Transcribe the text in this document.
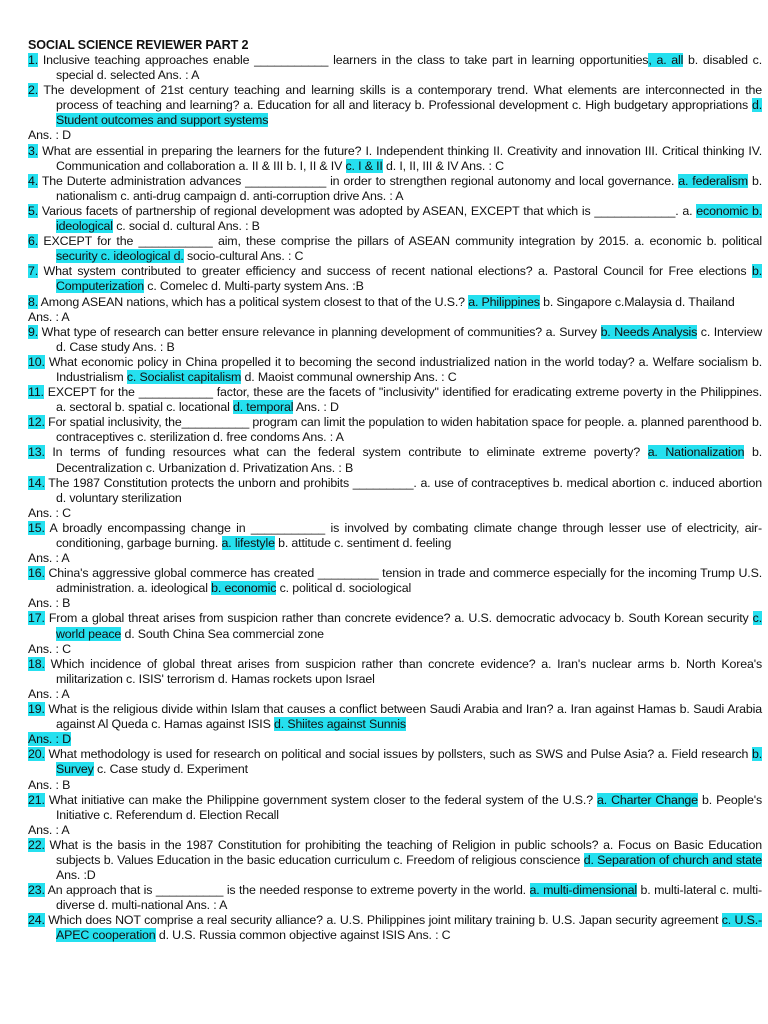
SOCIAL SCIENCE REVIEWER PART 2
1. Inclusive teaching approaches enable ___________ learners in the class to take part in learning opportunities, a. all b. disabled c. special d. selected Ans. : A
2. The development of 21st century teaching and learning skills is a contemporary trend. What elements are interconnected in the process of teaching and learning? a. Education for all and literacy b. Professional development c. High budgetary appropriations d. Student outcomes and support systems
Ans. : D
3. What are essential in preparing the learners for the future? I. Independent thinking II. Creativity and innovation III. Critical thinking IV. Communication and collaboration a. II & III b. I, II & IV c. I & II d. I, II, III & IV Ans. : C
4. The Duterte administration advances ____________ in order to strengthen regional autonomy and local governance. a. federalism b. nationalism c. anti-drug campaign d. anti-corruption drive Ans. : A
5. Various facets of partnership of regional development was adopted by ASEAN, EXCEPT that which is ____________. a. economic b. ideological c. social d. cultural Ans. : B
6. EXCEPT for the ___________ aim, these comprise the pillars of ASEAN community integration by 2015. a. economic b. political security c. ideological d. socio-cultural Ans. : C
7. What system contributed to greater efficiency and success of recent national elections? a. Pastoral Council for Free elections b. Computerization c. Comelec d. Multi-party system Ans. :B
8. Among ASEAN nations, which has a political system closest to that of the U.S.? a. Philippines b. Singapore c.Malaysia d. Thailand
Ans. : A
9. What type of research can better ensure relevance in planning development of communities? a. Survey b. Needs Analysis c. Interview d. Case study Ans. : B
10. What economic policy in China propelled it to becoming the second industrialized nation in the world today? a. Welfare socialism b. Industrialism c. Socialist capitalism d. Maoist communal ownership Ans. : C
11. EXCEPT for the ___________ factor, these are the facets of "inclusivity" identified for eradicating extreme poverty in the Philippines. a. sectoral b. spatial c. locational d. temporal Ans. : D
12. For spatial inclusivity, the__________ program can limit the population to widen habitation space for people. a. planned parenthood b. contraceptives c. sterilization d. free condoms Ans. : A
13. In terms of funding resources what can the federal system contribute to eliminate extreme poverty? a. Nationalization b. Decentralization c. Urbanization d. Privatization Ans. : B
14. The 1987 Constitution protects the unborn and prohibits _________. a. use of contraceptives b. medical abortion c. induced abortion d. voluntary sterilization
Ans. : C
15. A broadly encompassing change in ___________ is involved by combating climate change through lesser use of electricity, air-conditioning, garbage burning. a. lifestyle b. attitude c. sentiment d. feeling
Ans. : A
16. China's aggressive global commerce has created _________ tension in trade and commerce especially for the incoming Trump U.S. administration. a. ideological b. economic c. political d. sociological
Ans. : B
17. From a global threat arises from suspicion rather than concrete evidence? a. U.S. democratic advocacy b. South Korean security c. world peace d. South China Sea commercial zone
Ans. : C
18. Which incidence of global threat arises from suspicion rather than concrete evidence? a. Iran's nuclear arms b. North Korea's militarization c. ISIS' terrorism d. Hamas rockets upon Israel
Ans. : A
19. What is the religious divide within Islam that causes a conflict between Saudi Arabia and Iran? a. Iran against Hamas b. Saudi Arabia against Al Queda c. Hamas against ISIS d. Shiites against Sunnis
Ans. : D
20. What methodology is used for research on political and social issues by pollsters, such as SWS and Pulse Asia? a. Field research b. Survey c. Case study d. Experiment
Ans. : B
21. What initiative can make the Philippine government system closer to the federal system of the U.S.? a. Charter Change b. People's Initiative c. Referendum d. Election Recall
Ans. : A
22. What is the basis in the 1987 Constitution for prohibiting the teaching of Religion in public schools? a. Focus on Basic Education subjects b. Values Education in the basic education curriculum c. Freedom of religious conscience d. Separation of church and state Ans. :D
23. An approach that is __________ is the needed response to extreme poverty in the world. a. multi-dimensional b. multi-lateral c. multi-diverse d. multi-national Ans. : A
24. Which does NOT comprise a real security alliance? a. U.S. Philippines joint military training b. U.S. Japan security agreement c. U.S.-APEC cooperation d. U.S. Russia common objective against ISIS Ans. : C
